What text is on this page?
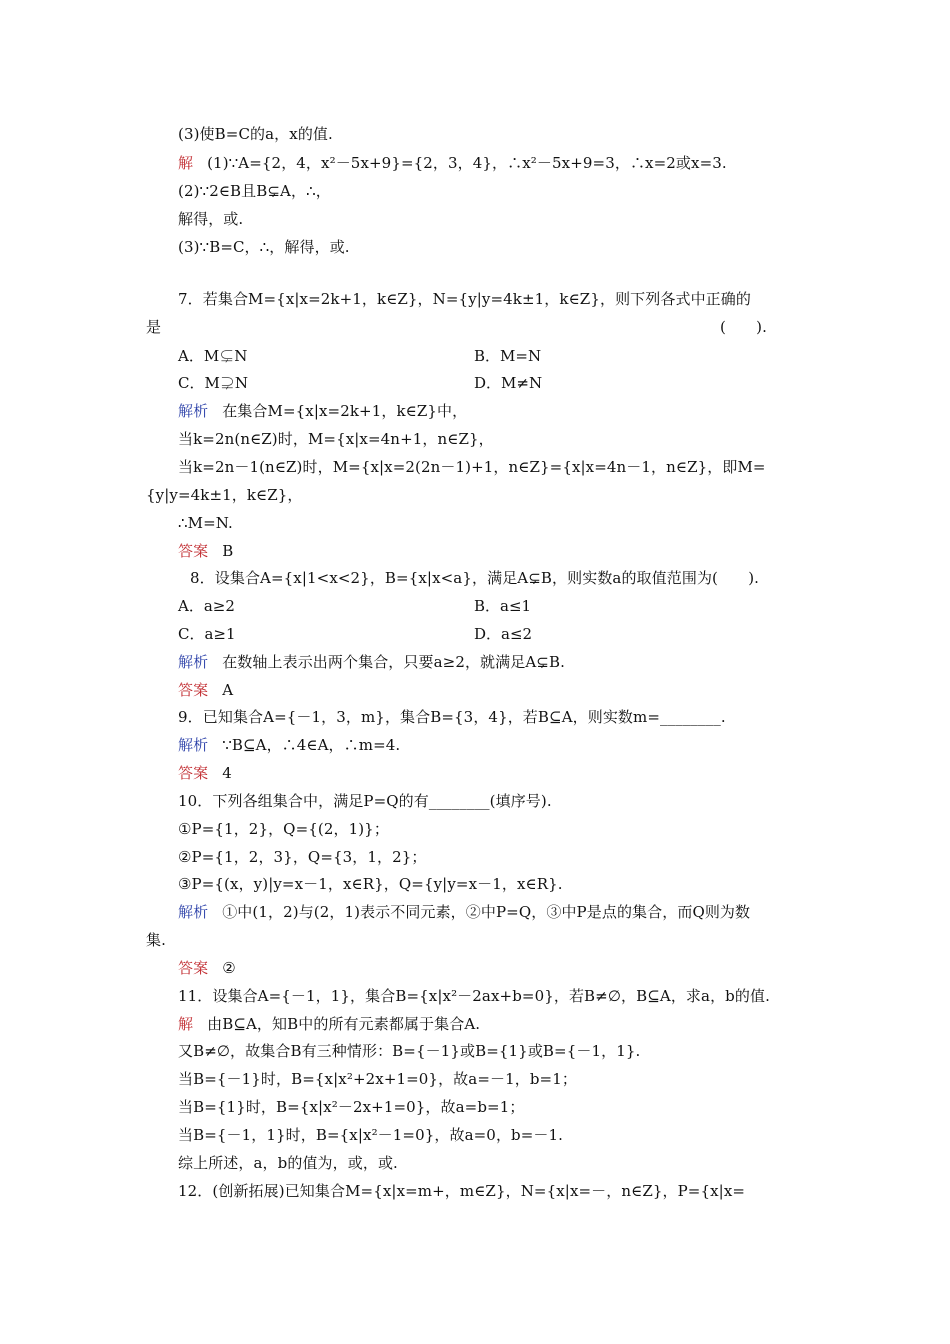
(3)使B=C的a，x的值.
解 (1)∵A={2，4，x²－5x+9}={2，3，4}，∴x²－5x+9=3，∴x=2或x=3.
(2)∵2∈B且B⊊A，∴，
解得，或.
(3)∵B=C，∴，解得，或.
7．若集合M={x|x=2k+1，k∈Z}，N={y|y=4k±1，k∈Z}，则下列各式中正确的
是	(　　).
A．M⊊N	B．M=N
C．M⊋N	D．M≠N
解析 在集合M={x|x=2k+1，k∈Z}中，
当k=2n(n∈Z)时，M={x|x=4n+1，n∈Z}，
当k=2n－1(n∈Z)时，M={x|x=2(2n－1)+1，n∈Z}={x|x=4n－1，n∈Z}，即M=
{y|y=4k±1，k∈Z}，
∴M=N.
答案 B
8．设集合A={x|1<x<2}，B={x|x<a}，满足A⊊B，则实数a的取值范围为(　　).
A．a≥2	B．a≤1
C．a≥1	D．a≤2
解析 在数轴上表示出两个集合，只要a≥2，就满足A⊊B.
答案 A
9．已知集合A={－1，3，m}，集合B={3，4}，若B⊆A，则实数m=________.
解析 ∵B⊆A，∴4∈A，∴m=4.
答案 4
10．下列各组集合中，满足P=Q的有________(填序号).
①P={1，2}，Q={(2，1)}；
②P={1，2，3}，Q={3，1，2}；
③P={(x，y)|y=x－1，x∈R}，Q={y|y=x－1，x∈R}.
解析 ①中(1，2)与(2，1)表示不同元素，②中P=Q，③中P是点的集合，而Q则为数
集.
答案 ②
11．设集合A={－1，1}，集合B={x|x²－2ax+b=0}，若B≠∅，B⊆A，求a，b的值.
解 由B⊆A，知B中的所有元素都属于集合A.
又B≠∅，故集合B有三种情形：B={－1}或B={1}或B={－1，1}.
当B={－1}时，B={x|x²+2x+1=0}，故a=－1，b=1；
当B={1}时，B={x|x²－2x+1=0}，故a=b=1；
当B={－1，1}时，B={x|x²－1=0}，故a=0，b=－1.
综上所述，a，b的值为，或，或.
12．(创新拓展)已知集合M={x|x=m+，m∈Z}，N={x|x=－，n∈Z}，P={x|x=
